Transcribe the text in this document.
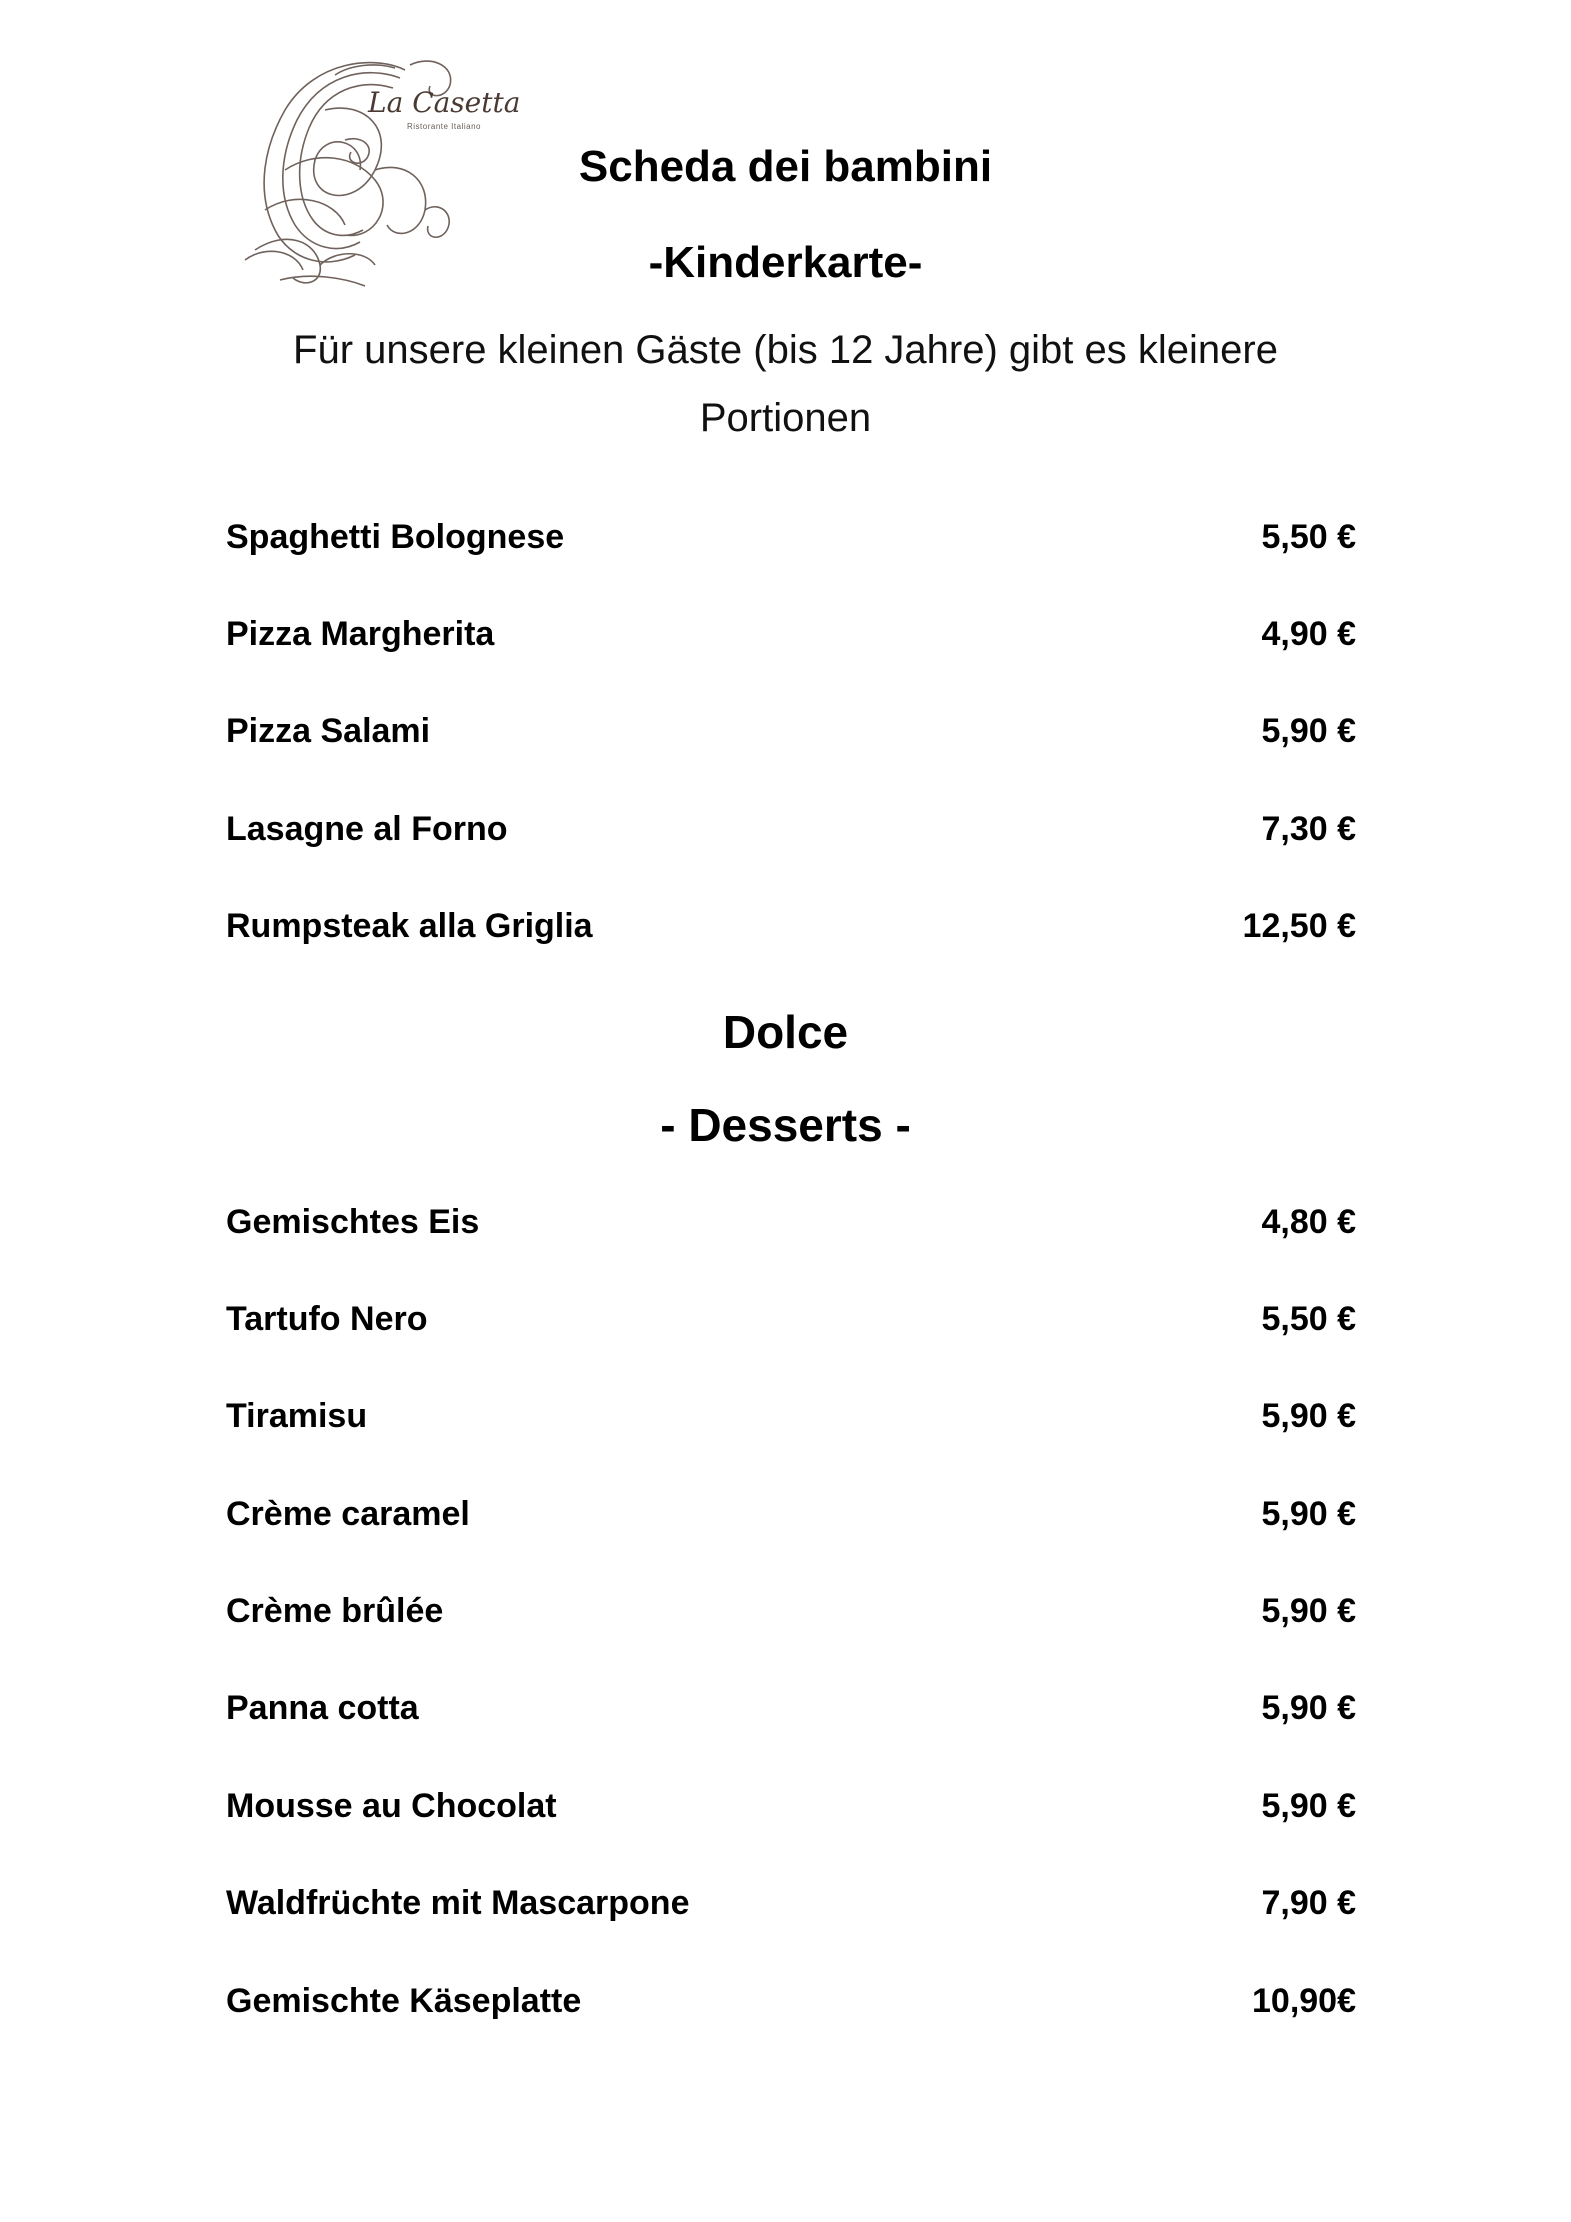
La Casetta
Ristorante Italiano
Scheda dei bambini
-Kinderkarte-
Für unsere kleinen Gäste (bis 12 Jahre) gibt es kleinere
Portionen
Spaghetti Bolognese	5,50 €
Pizza Margherita	4,90 €
Pizza Salami	5,90 €
Lasagne al Forno	7,30 €
Rumpsteak alla Griglia	12,50 €
Dolce
- Desserts -
Gemischtes Eis	4,80 €
Tartufo Nero	5,50 €
Tiramisu	5,90 €
Crème caramel	5,90 €
Crème brûlée	5,90 €
Panna cotta	5,90 €
Mousse au Chocolat	5,90 €
Waldfrüchte mit Mascarpone	7,90 €
Gemischte Käseplatte	10,90€
